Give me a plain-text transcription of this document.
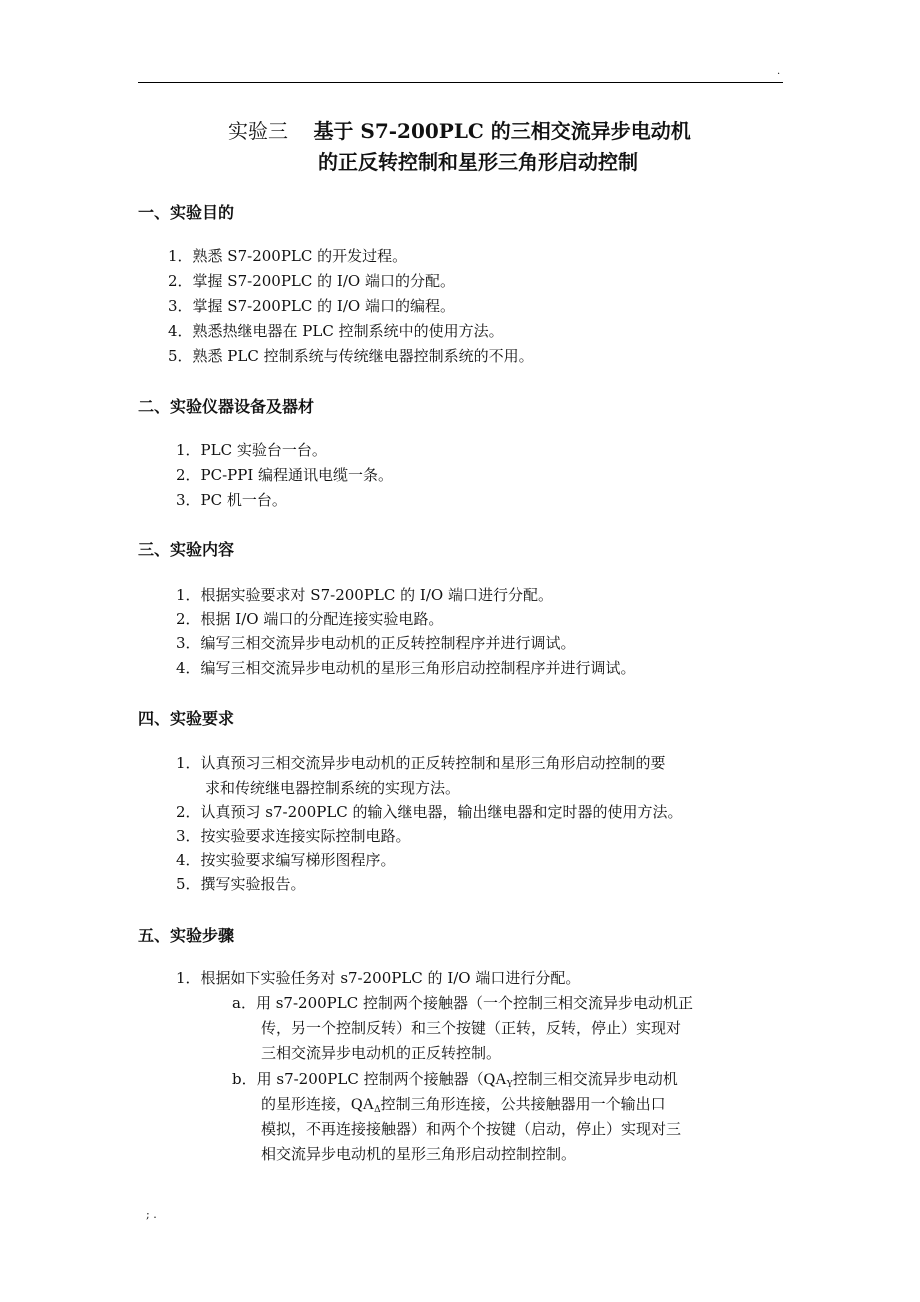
.
实验三 基于 S7-200PLC 的三相交流异步电动机
的正反转控制和星形三角形启动控制
一、实验目的
1．熟悉 S7-200PLC 的开发过程。
2．掌握 S7-200PLC 的 I/O 端口的分配。
3．掌握 S7-200PLC 的 I/O 端口的编程。
4．熟悉热继电器在 PLC 控制系统中的使用方法。
5．熟悉 PLC 控制系统与传统继电器控制系统的不用。
二、实验仪器设备及器材
1．PLC 实验台一台。
2．PC-PPI 编程通讯电缆一条。
3．PC 机一台。
三、实验内容
1．根据实验要求对 S7-200PLC 的 I/O 端口进行分配。
2．根据 I/O 端口的分配连接实验电路。
3．编写三相交流异步电动机的正反转控制程序并进行调试。
4．编写三相交流异步电动机的星形三角形启动控制程序并进行调试。
四、实验要求
1．认真预习三相交流异步电动机的正反转控制和星形三角形启动控制的要
求和传统继电器控制系统的实现方法。
2．认真预习 s7-200PLC 的输入继电器，输出继电器和定时器的使用方法。
3．按实验要求连接实际控制电路。
4．按实验要求编写梯形图程序。
5．撰写实验报告。
五、实验步骤
1．根据如下实验任务对 s7-200PLC 的 I/O 端口进行分配。
a．用 s7-200PLC 控制两个接触器（一个控制三相交流异步电动机正
传，另一个控制反转）和三个按键（正转，反转，停止）实现对
三相交流异步电动机的正反转控制。
b．用 s7-200PLC 控制两个接触器（$QA_Y$控制三相交流异步电动机
的星形连接，$QA_\Delta$控制三角形连接，公共接触器用一个输出口
模拟，不再连接接触器）和两个个按键（启动，停止）实现对三
相交流异步电动机的星形三角形启动控制控制。
; .
